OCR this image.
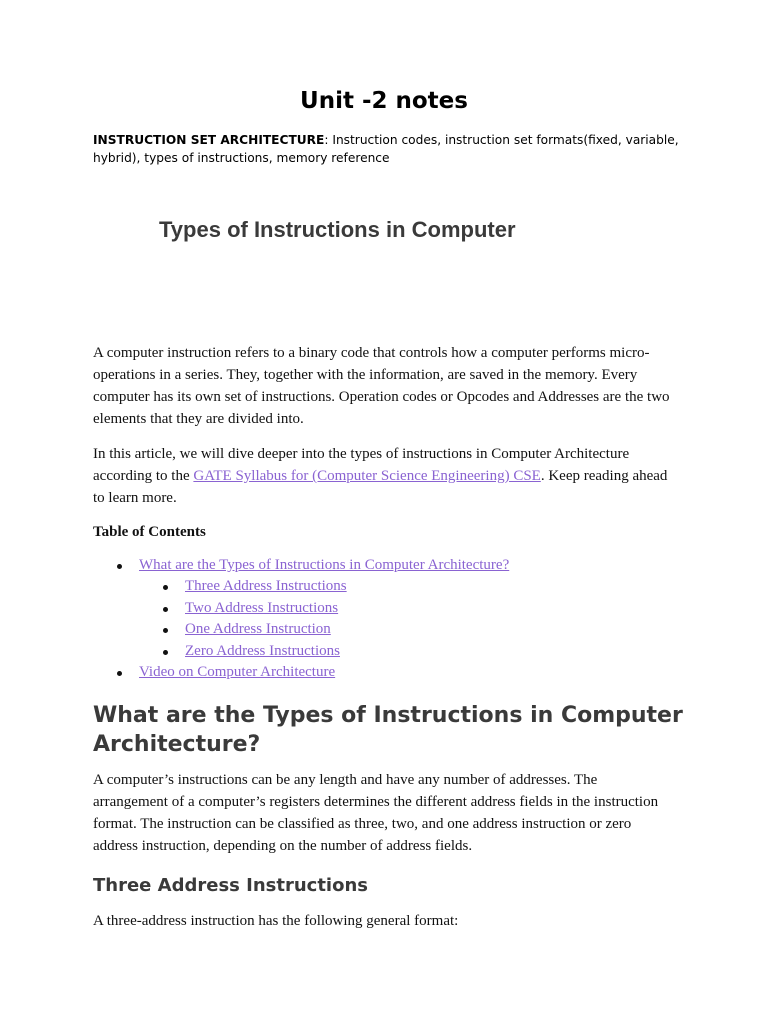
Unit -2 notes

INSTRUCTION SET ARCHITECTURE: Instruction codes, instruction set formats(fixed, variable, hybrid), types of instructions, memory reference

Types of Instructions in Computer

A computer instruction refers to a binary code that controls how a computer performs micro-operations in a series. They, together with the information, are saved in the memory. Every computer has its own set of instructions. Operation codes or Opcodes and Addresses are the two elements that they are divided into.

In this article, we will dive deeper into the types of instructions in Computer Architecture according to the GATE Syllabus for (Computer Science Engineering) CSE. Keep reading ahead to learn more.

Table of Contents

What are the Types of Instructions in Computer Architecture?
Three Address Instructions
Two Address Instructions
One Address Instruction
Zero Address Instructions
Video on Computer Architecture
What are the Types of Instructions in Computer Architecture?

A computer’s instructions can be any length and have any number of addresses. The arrangement of a computer’s registers determines the different address fields in the instruction format. The instruction can be classified as three, two, and one address instruction or zero address instruction, depending on the number of address fields.

Three Address Instructions

A three-address instruction has the following general format:
